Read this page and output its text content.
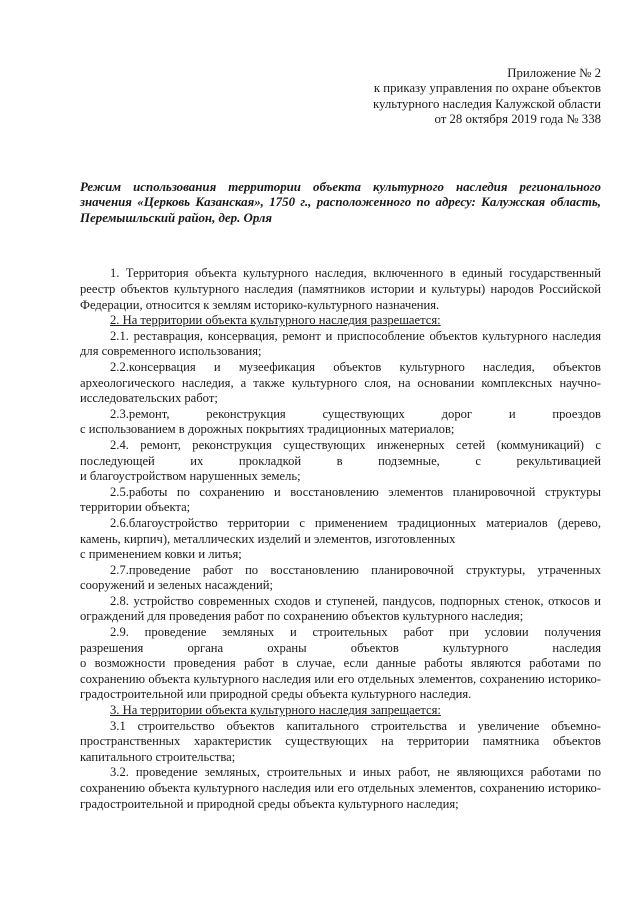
Приложение № 2
к приказу управления по охране объектов
культурного наследия Калужской области
от 28 октября 2019 года № 338
Режим использования территории объекта культурного наследия регионального значения «Церковь Казанская», 1750 г., расположенного по адресу: Калужская область, Перемышльский район, дер. Орля

1. Территория объекта культурного наследия, включенного в единый государственный реестр объектов культурного наследия (памятников истории и культуры) народов Российской Федерации, относится к землям историко-культурного назначения.

2. На территории объекта культурного наследия разрешается:

2.1. реставрация, консервация, ремонт и приспособление объектов культурного наследия для современного использования;

2.2.консервация и музеефикация объектов культурного наследия, объектов археологического наследия, а также культурного слоя, на основании комплексных научно-исследовательских работ;

2.3.ремонт, реконструкция существующих дорог и проездов
с использованием в дорожных покрытиях традиционных материалов;

2.4. ремонт, реконструкция существующих инженерных сетей (коммуникаций) с
последующей их прокладкой в подземные, с рекультивацией
и благоустройством нарушенных земель;

2.5.работы по сохранению и восстановлению элементов планировочной структуры территории объекта;

2.6.благоустройство территории с применением традиционных материалов (дерево, камень, кирпич), металлических изделий и элементов, изготовленных
с применением ковки и литья;

2.7.проведение работ по восстановлению планировочной структуры, утраченных сооружений и зеленых насаждений;

2.8. устройство современных сходов и ступеней, пандусов, подпорных стенок, откосов и ограждений для проведения работ по сохранению объектов культурного наследия;

2.9. проведение земляных и строительных работ при условии получения
разрешения органа охраны объектов культурного наследия
о возможности проведения работ в случае, если данные работы являются работами по сохранению объекта культурного наследия или его отдельных элементов, сохранению историко-градостроительной или природной среды объекта культурного наследия.

3. На территории объекта культурного наследия запрещается:

3.1 строительство объектов капитального строительства и увеличение объемно-пространственных характеристик существующих на территории памятника объектов капитального строительства;

3.2. проведение земляных, строительных и иных работ, не являющихся работами по сохранению объекта культурного наследия или его отдельных элементов, сохранению историко-градостроительной и природной среды объекта культурного наследия;
